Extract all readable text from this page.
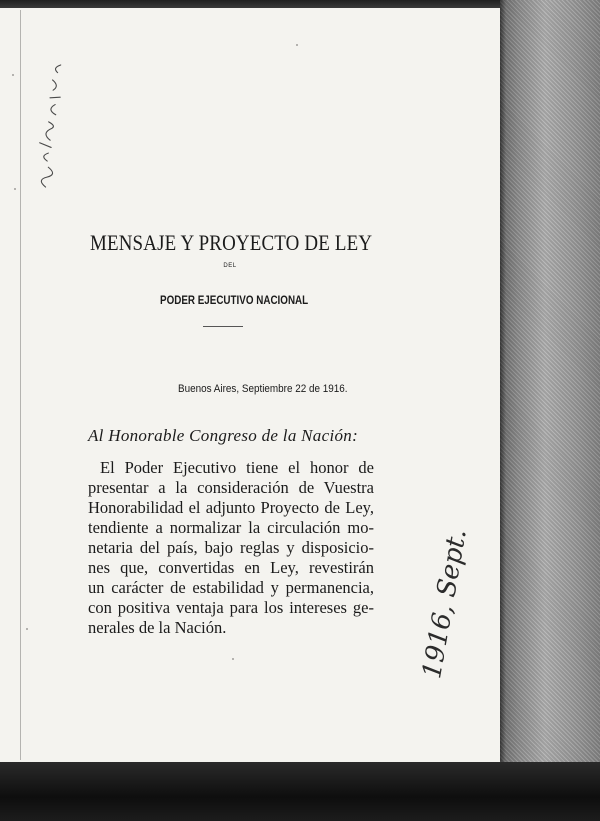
MENSAJE Y PROYECTO DE LEY
DEL
PODER EJECUTIVO NACIONAL
Buenos Aires, Septiembre 22 de 1916.
Al Honorable Congreso de la Nación:
El Poder Ejecutivo tiene el honor de
presentar a la consideración de Vuestra
Honorabilidad el adjunto Proyecto de Ley,
tendiente a normalizar la circulación mo-
netaria del país, bajo reglas y disposicio-
nes que, convertidas en Ley, revestirán
un carácter de estabilidad y permanencia,
con positiva ventaja para los intereses ge-
nerales de la Nación.	1916, Sept.
